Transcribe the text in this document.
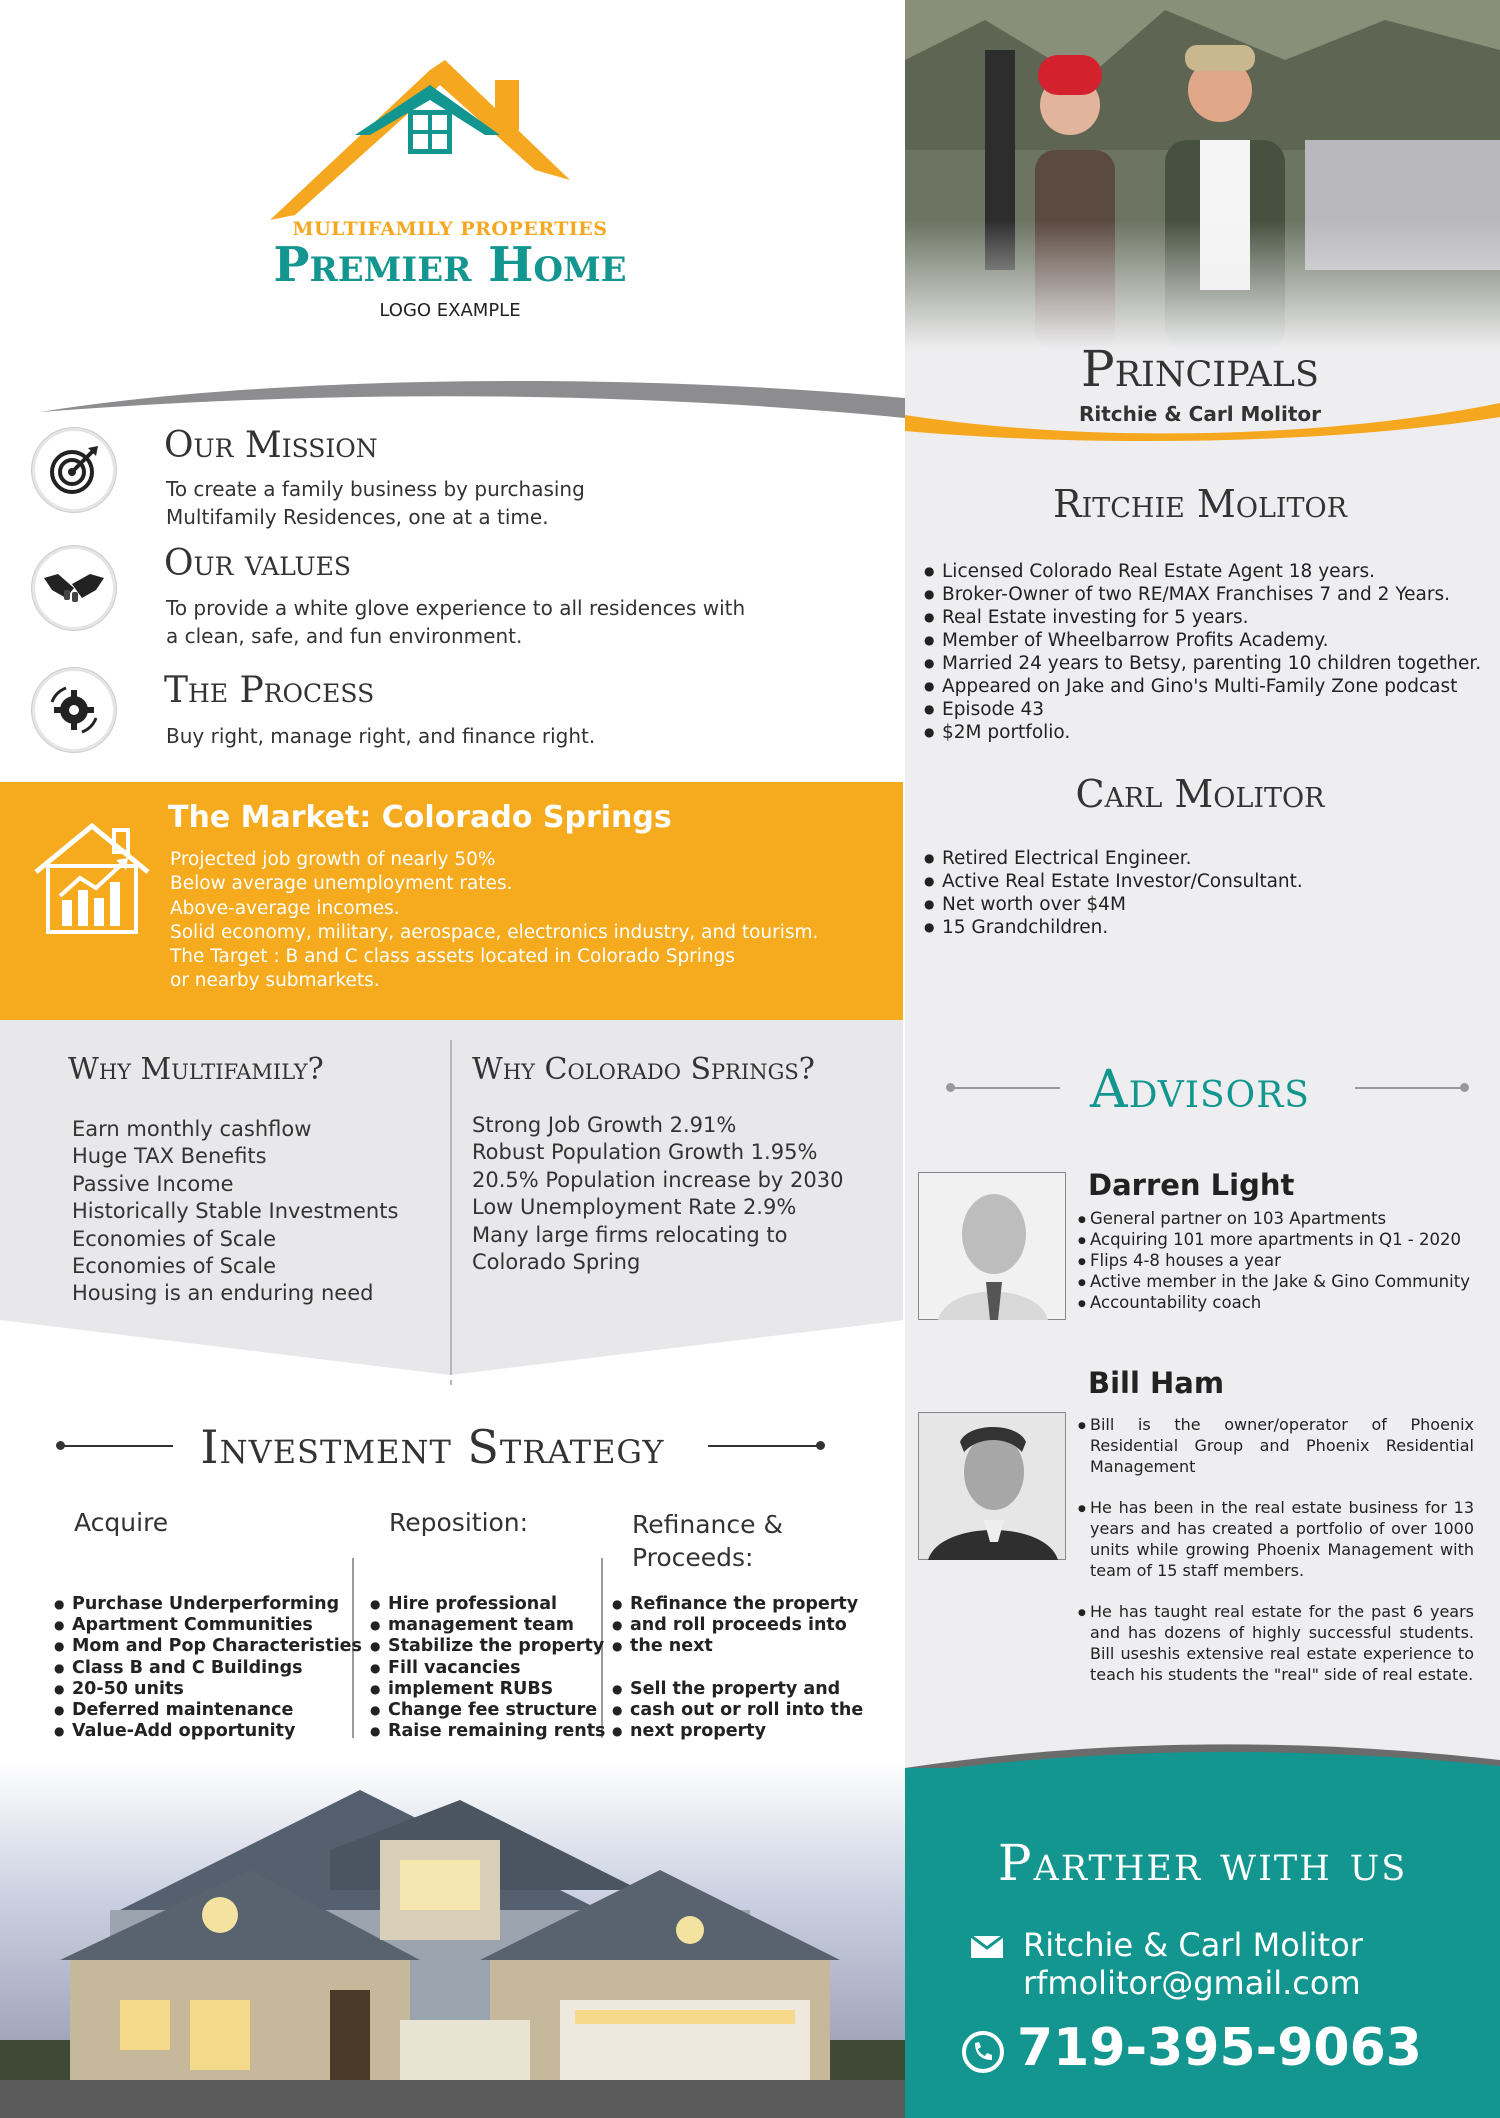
MULTIFAMILY PROPERTIES
Premier Home
LOGO EXAMPLE
Our Mission
To create a family business by purchasing
Multifamily Residences, one at a time.
Our values
To provide a white glove experience to all residences with
a clean, safe, and fun environment.
The Process
Buy right, manage right, and finance right.
The Market: Colorado Springs
Projected job growth of nearly 50%
Below average unemployment rates.
Above-average incomes.
Solid economy, military, aerospace, electronics industry, and tourism.
The Target : B and C class assets located in Colorado Springs
or nearby submarkets.
Why Multifamily?
Earn monthly cashflow
Huge TAX Benefits
Passive Income
Historically Stable Investments
Economies of Scale
Economies of Scale
Housing is an enduring need
Why Colorado Springs?
Strong Job Growth 2.91%
Robust Population Growth 1.95%
20.5% Population increase by 2030
Low Unemployment Rate 2.9%
Many large firms relocating to
Colorado Spring
Investment Strategy
Acquire	Reposition:	Refinance & Proceeds:
● Purchase Underperforming
● Apartment Communities
● Mom and Pop Characteristies
● Class B and C Buildings
● 20-50 units
● Deferred maintenance
● Value-Add opportunity
● Hire professional
● management team
● Stabilize the property
● Fill vacancies
● implement RUBS
● Change fee structure
● Raise remaining rents
● Refinance the property
● and roll proceeds into
● the next
● Sell the property and
● cash out or roll into the
● next property
Principals
Ritchie & Carl Molitor
Ritchie Molitor
● Licensed Colorado Real Estate Agent 18 years.
● Broker-Owner of two RE/MAX Franchises 7 and 2 Years.
● Real Estate investing for 5 years.
● Member of Wheelbarrow Profits Academy.
● Married 24 years to Betsy, parenting 10 children together.
● Appeared on Jake and Gino's Multi-Family Zone podcast
● Episode 43
● $2M portfolio.
Carl Molitor
● Retired Electrical Engineer.
● Active Real Estate Investor/Consultant.
● Net worth over $4M
● 15 Grandchildren.
Advisors
Darren Light
● General partner on 103 Apartments
● Acquiring 101 more apartments in Q1 - 2020
● Flips 4-8 houses a year
● Active member in the Jake & Gino Community
● Accountability coach
Bill Ham
● Bill is the owner/operator of Phoenix Residential Group and Phoenix Residential Management
● He has been in the real estate business for 13 years and has created a portfolio of over 1000 units while growing Phoenix Management with team of 15 staff members.
● He has taught real estate for the past 6 years and has dozens of highly successful students. Bill useshis extensive real estate experience to teach his students the "real" side of real estate.
Parther with us
Ritchie & Carl Molitor
rfmolitor@gmail.com
719-395-9063
